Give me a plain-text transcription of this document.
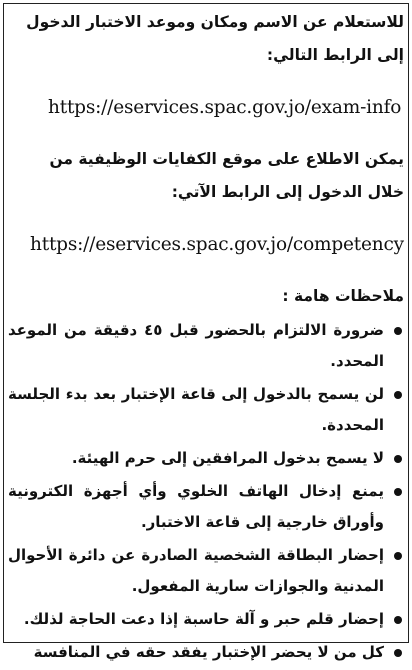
للاستعلام عن الاسم ومكان وموعد الاختبار الدخول

إلى الرابط التالي:

https://eservices.spac.gov.jo/exam-info

يمكن الاطلاع على موقع الكفايات الوظيفية من

خلال الدخول إلى الرابط الآتي:

https://eservices.spac.gov.jo/competency

ملاحظات هامة :

ضرورة الالتزام بالحضور قبل ٤٥ دقيقة من الموعد المحدد.
لن يسمح بالدخول إلى قاعة الإختبار بعد بدء الجلسة المحددة.
لا يسمح بدخول المرافقين إلى حرم الهيئة.
يمنع إدخال الهاتف الخلوي وأي أجهزة الكترونية وأوراق خارجية إلى قاعة الاختبار.
إحضار البطاقة الشخصية الصادرة عن دائرة الأحوال المدنية والجوازات سارية المفعول.
إحضار قلم حبر و آلة حاسبة إذا دعت الحاجة لذلك.
كل من لا يحضر الإختبار يفقد حقه في المنافسة
